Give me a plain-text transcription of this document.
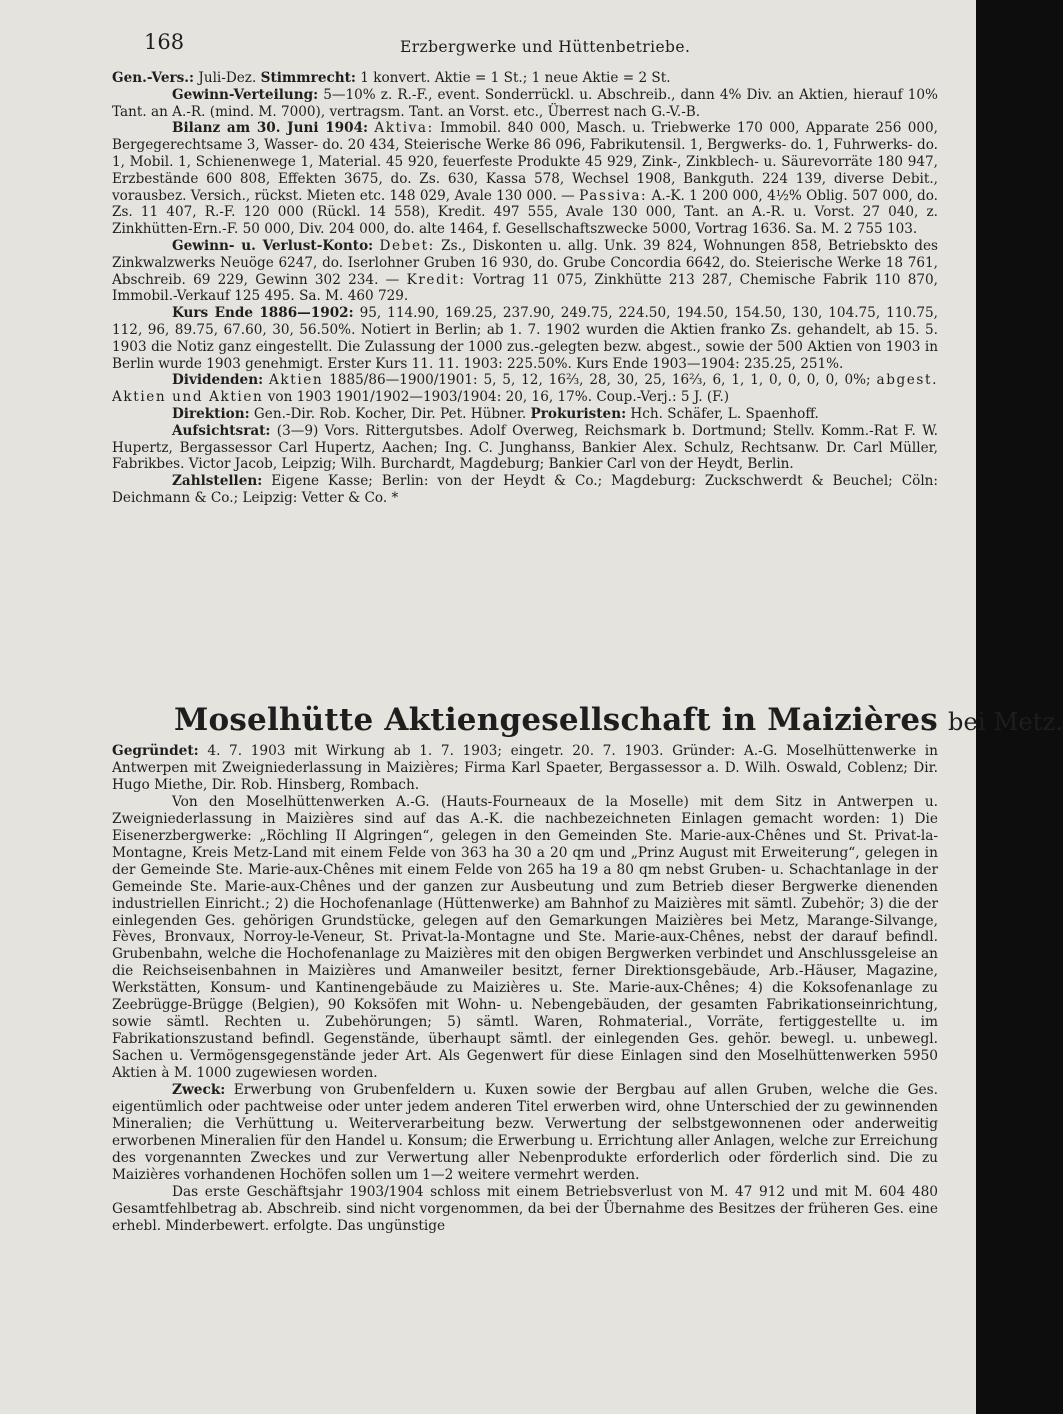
168	Erzbergwerke und Hüttenbetriebe.

Gen.-Vers.: Juli-Dez. Stimmrecht: 1 konvert. Aktie = 1 St.; 1 neue Aktie = 2 St.

Gewinn-Verteilung: 5—10% z. R.-F., event. Sonderrückl. u. Abschreib., dann 4% Div. an Aktien, hierauf 10% Tant. an A.-R. (mind. M. 7000), vertragsm. Tant. an Vorst. etc., Überrest nach G.-V.-B.

Bilanz am 30. Juni 1904: Aktiva: Immobil. 840 000, Masch. u. Triebwerke 170 000, Apparate 256 000, Bergegerechtsame 3, Wasser- do. 20 434, Steierische Werke 86 096, Fabrikutensil. 1, Bergwerks- do. 1, Fuhrwerks- do. 1, Mobil. 1, Schienenwege 1, Material. 45 920, feuerfeste Produkte 45 929, Zink-, Zinkblech- u. Säurevorräte 180 947, Erzbestände 600 808, Effekten 3675, do. Zs. 630, Kassa 578, Wechsel 1908, Bankguth. 224 139, diverse Debit., vorausbez. Versich., rückst. Mieten etc. 148 029, Avale 130 000. — Passiva: A.-K. 1 200 000, 4½% Oblig. 507 000, do. Zs. 11 407, R.-F. 120 000 (Rückl. 14 558), Kredit. 497 555, Avale 130 000, Tant. an A.-R. u. Vorst. 27 040, z. Zinkhütten-Ern.-F. 50 000, Div. 204 000, do. alte 1464, f. Gesellschaftszwecke 5000, Vortrag 1636. Sa. M. 2 755 103.

Gewinn- u. Verlust-Konto: Debet: Zs., Diskonten u. allg. Unk. 39 824, Wohnungen 858, Betriebskto des Zinkwalzwerks Neuöge 6247, do. Iserlohner Gruben 16 930, do. Grube Concordia 6642, do. Steierische Werke 18 761, Abschreib. 69 229, Gewinn 302 234. — Kredit: Vortrag 11 075, Zinkhütte 213 287, Chemische Fabrik 110 870, Immobil.-Verkauf 125 495. Sa. M. 460 729.

Kurs Ende 1886—1902: 95, 114.90, 169.25, 237.90, 249.75, 224.50, 194.50, 154.50, 130, 104.75, 110.75, 112, 96, 89.75, 67.60, 30, 56.50%. Notiert in Berlin; ab 1. 7. 1902 wurden die Aktien franko Zs. gehandelt, ab 15. 5. 1903 die Notiz ganz eingestellt. Die Zulassung der 1000 zus.-gelegten bezw. abgest., sowie der 500 Aktien von 1903 in Berlin wurde 1903 genehmigt. Erster Kurs 11. 11. 1903: 225.50%. Kurs Ende 1903—1904: 235.25, 251%.

Dividenden: Aktien 1885/86—1900/1901: 5, 5, 12, 16⅔, 28, 30, 25, 16⅔, 6, 1, 1, 0, 0, 0, 0, 0%; abgest. Aktien und Aktien von 1903 1901/1902—1903/1904: 20, 16, 17%. Coup.-Verj.: 5 J. (F.)

Direktion: Gen.-Dir. Rob. Kocher, Dir. Pet. Hübner. Prokuristen: Hch. Schäfer, L. Spaenhoff.

Aufsichtsrat: (3—9) Vors. Rittergutsbes. Adolf Overweg, Reichsmark b. Dortmund; Stellv. Komm.-Rat F. W. Hupertz, Bergassessor Carl Hupertz, Aachen; Ing. C. Junghanss, Bankier Alex. Schulz, Rechtsanw. Dr. Carl Müller, Fabrikbes. Victor Jacob, Leipzig; Wilh. Burchardt, Magdeburg; Bankier Carl von der Heydt, Berlin.

Zahlstellen: Eigene Kasse; Berlin: von der Heydt & Co.; Magdeburg: Zuckschwerdt & Beuchel; Cöln: Deichmann & Co.; Leipzig: Vetter & Co. *

Moselhütte Aktiengesellschaft in Maizières bei Metz.

Gegründet: 4. 7. 1903 mit Wirkung ab 1. 7. 1903; eingetr. 20. 7. 1903. Gründer: A.-G. Moselhüttenwerke in Antwerpen mit Zweigniederlassung in Maizières; Firma Karl Spaeter, Bergassessor a. D. Wilh. Oswald, Coblenz; Dir. Hugo Miethe, Dir. Rob. Hinsberg, Rombach.

Von den Moselhüttenwerken A.-G. (Hauts-Fourneaux de la Moselle) mit dem Sitz in Antwerpen u. Zweigniederlassung in Maizières sind auf das A.-K. die nachbezeichneten Einlagen gemacht worden: 1) Die Eisenerzbergwerke: „Röchling II Algringen“, gelegen in den Gemeinden Ste. Marie-aux-Chênes und St. Privat-la-Montagne, Kreis Metz-Land mit einem Felde von 363 ha 30 a 20 qm und „Prinz August mit Erweiterung“, gelegen in der Gemeinde Ste. Marie-aux-Chênes mit einem Felde von 265 ha 19 a 80 qm nebst Gruben- u. Schachtanlage in der Gemeinde Ste. Marie-aux-Chênes und der ganzen zur Ausbeutung und zum Betrieb dieser Bergwerke dienenden industriellen Einricht.; 2) die Hochofenanlage (Hüttenwerke) am Bahnhof zu Maizières mit sämtl. Zubehör; 3) die der einlegenden Ges. gehörigen Grundstücke, gelegen auf den Gemarkungen Maizières bei Metz, Marange-Silvange, Fèves, Bronvaux, Norroy-le-Veneur, St. Privat-la-Montagne und Ste. Marie-aux-Chênes, nebst der darauf befindl. Grubenbahn, welche die Hochofenanlage zu Maizières mit den obigen Bergwerken verbindet und Anschlussgeleise an die Reichseisenbahnen in Maizières und Amanweiler besitzt, ferner Direktionsgebäude, Arb.-Häuser, Magazine, Werkstätten, Konsum- und Kantinengebäude zu Maizières u. Ste. Marie-aux-Chênes; 4) die Koksofenanlage zu Zeebrügge-Brügge (Belgien), 90 Koksöfen mit Wohn- u. Nebengebäuden, der gesamten Fabrikationseinrichtung, sowie sämtl. Rechten u. Zubehörungen; 5) sämtl. Waren, Rohmaterial., Vorräte, fertiggestellte u. im Fabrikationszustand befindl. Gegenstände, überhaupt sämtl. der einlegenden Ges. gehör. bewegl. u. unbewegl. Sachen u. Vermögensgegenstände jeder Art. Als Gegenwert für diese Einlagen sind den Moselhüttenwerken 5950 Aktien à M. 1000 zugewiesen worden.

Zweck: Erwerbung von Grubenfeldern u. Kuxen sowie der Bergbau auf allen Gruben, welche die Ges. eigentümlich oder pachtweise oder unter jedem anderen Titel erwerben wird, ohne Unterschied der zu gewinnenden Mineralien; die Verhüttung u. Weiterverarbeitung bezw. Verwertung der selbstgewonnenen oder anderweitig erworbenen Mineralien für den Handel u. Konsum; die Erwerbung u. Errichtung aller Anlagen, welche zur Erreichung des vorgenannten Zweckes und zur Verwertung aller Nebenprodukte erforderlich oder förderlich sind. Die zu Maizières vorhandenen Hochöfen sollen um 1—2 weitere vermehrt werden.

Das erste Geschäftsjahr 1903/1904 schloss mit einem Betriebsverlust von M. 47 912 und mit M. 604 480 Gesamtfehlbetrag ab. Abschreib. sind nicht vorgenommen, da bei der Übernahme des Besitzes der früheren Ges. eine erhebl. Minderbewert. erfolgte. Das ungünstige
